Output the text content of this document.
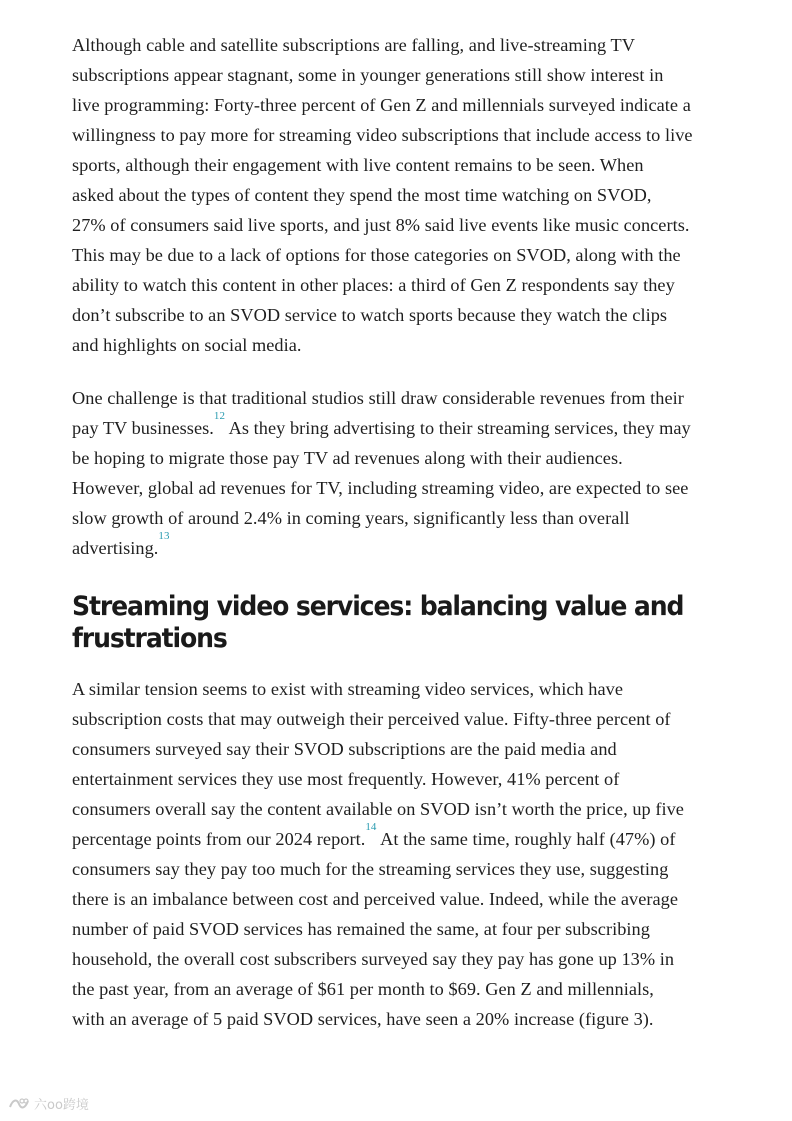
Although cable and satellite subscriptions are falling, and live-streaming TV
subscriptions appear stagnant, some in younger generations still show interest in
live programming: Forty-three percent of Gen Z and millennials surveyed indicate a
willingness to pay more for streaming video subscriptions that include access to live
sports, although their engagement with live content remains to be seen. When
asked about the types of content they spend the most time watching on SVOD,
27% of consumers said live sports, and just 8% said live events like music concerts.
This may be due to a lack of options for those categories on SVOD, along with the
ability to watch this content in other places: a third of Gen Z respondents say they
don’t subscribe to an SVOD service to watch sports because they watch the clips
and highlights on social media.

One challenge is that traditional studios still draw considerable revenues from their
pay TV businesses.$^{12}$ As they bring advertising to their streaming services, they may
be hoping to migrate those pay TV ad revenues along with their audiences.
However, global ad revenues for TV, including streaming video, are expected to see
slow growth of around 2.4% in coming years, significantly less than overall
advertising.$^{13}$

Streaming video services: balancing value and
frustrations

A similar tension seems to exist with streaming video services, which have
subscription costs that may outweigh their perceived value. Fifty-three percent of
consumers surveyed say their SVOD subscriptions are the paid media and
entertainment services they use most frequently. However, 41% percent of
consumers overall say the content available on SVOD isn’t worth the price, up five
percentage points from our 2024 report.$^{14}$ At the same time, roughly half (47%) of
consumers say they pay too much for the streaming services they use, suggesting
there is an imbalance between cost and perceived value. Indeed, while the average
number of paid SVOD services has remained the same, at four per subscribing
household, the overall cost subscribers surveyed say they pay has gone up 13% in
the past year, from an average of $61 per month to $69. Gen Z and millennials,
with an average of 5 paid SVOD services, have seen a 20% increase (figure 3).

六oo跨境
